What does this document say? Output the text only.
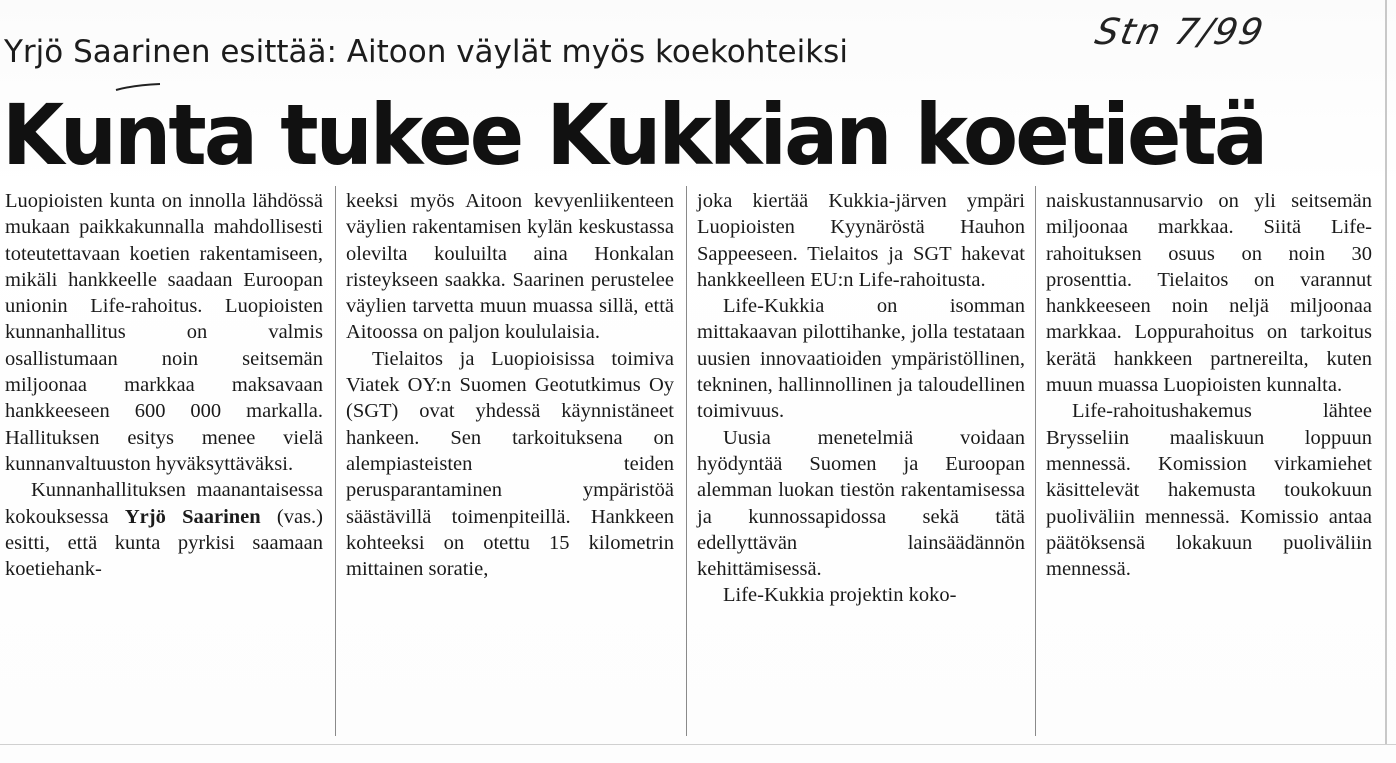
Stn 7/99
Yrjö Saarinen esittää: Aitoon väylät myös koekohteiksi
Kunta tukee Kukkian koetietä

Luopioisten kunta on innolla lähdössä mukaan paikkakunnalla mahdollisesti toteutettavaan koetien rakentamiseen, mikäli hankkeelle saadaan Euroopan unionin Life-rahoitus. Luopioisten kunnanhallitus on valmis osallistumaan noin seitsemän miljoonaa markkaa maksavaan hankkeeseen 600 000 markalla. Hallituksen esitys menee vielä kunnanvaltuuston hyväksyttäväksi.

Kunnanhallituksen maanantaisessa kokouksessa Yrjö Saarinen (vas.) esitti, että kunta pyrkisi saamaan koetiehank-

keeksi myös Aitoon kevyenliikenteen väylien rakentamisen kylän keskustassa olevilta kouluilta aina Honkalan risteykseen saakka. Saarinen perustelee väylien tarvetta muun muassa sillä, että Aitoossa on paljon koululaisia.

Tielaitos ja Luopioisissa toimiva Viatek OY:n Suomen Geotutkimus Oy (SGT) ovat yhdessä käynnistäneet hankeen. Sen tarkoituksena on alempiasteisten teiden perusparantaminen ympäristöä säästävillä toimenpiteillä. Hankkeen kohteeksi on otettu 15 kilometrin mittainen soratie,

joka kiertää Kukkia-järven ympäri Luopioisten Kyynäröstä Hauhon Sappeeseen. Tielaitos ja SGT hakevat hankkeelleen EU:n Life-rahoitusta.

Life-Kukkia on isomman mittakaavan pilottihanke, jolla testataan uusien innovaatioiden ympäristöllinen, tekninen, hallinnollinen ja taloudellinen toimivuus.

Uusia menetelmiä voidaan hyödyntää Suomen ja Euroopan alemman luokan tiestön rakentamisessa ja kunnossapidossa sekä tätä edellyttävän lainsäädännön kehittämisessä.

Life-Kukkia projektin koko-

naiskustannusarvio on yli seitsemän miljoonaa markkaa. Siitä Life-rahoituksen osuus on noin 30 prosenttia. Tielaitos on varannut hankkeeseen noin neljä miljoonaa markkaa. Loppurahoitus on tarkoitus kerätä hankkeen partnereilta, kuten muun muassa Luopioisten kunnalta.

Life-rahoitushakemus lähtee Brysseliin maaliskuun loppuun mennessä. Komission virkamiehet käsittelevät hakemusta toukokuun puoliväliin mennessä. Komissio antaa päätöksensä lokakuun puoliväliin mennessä.
